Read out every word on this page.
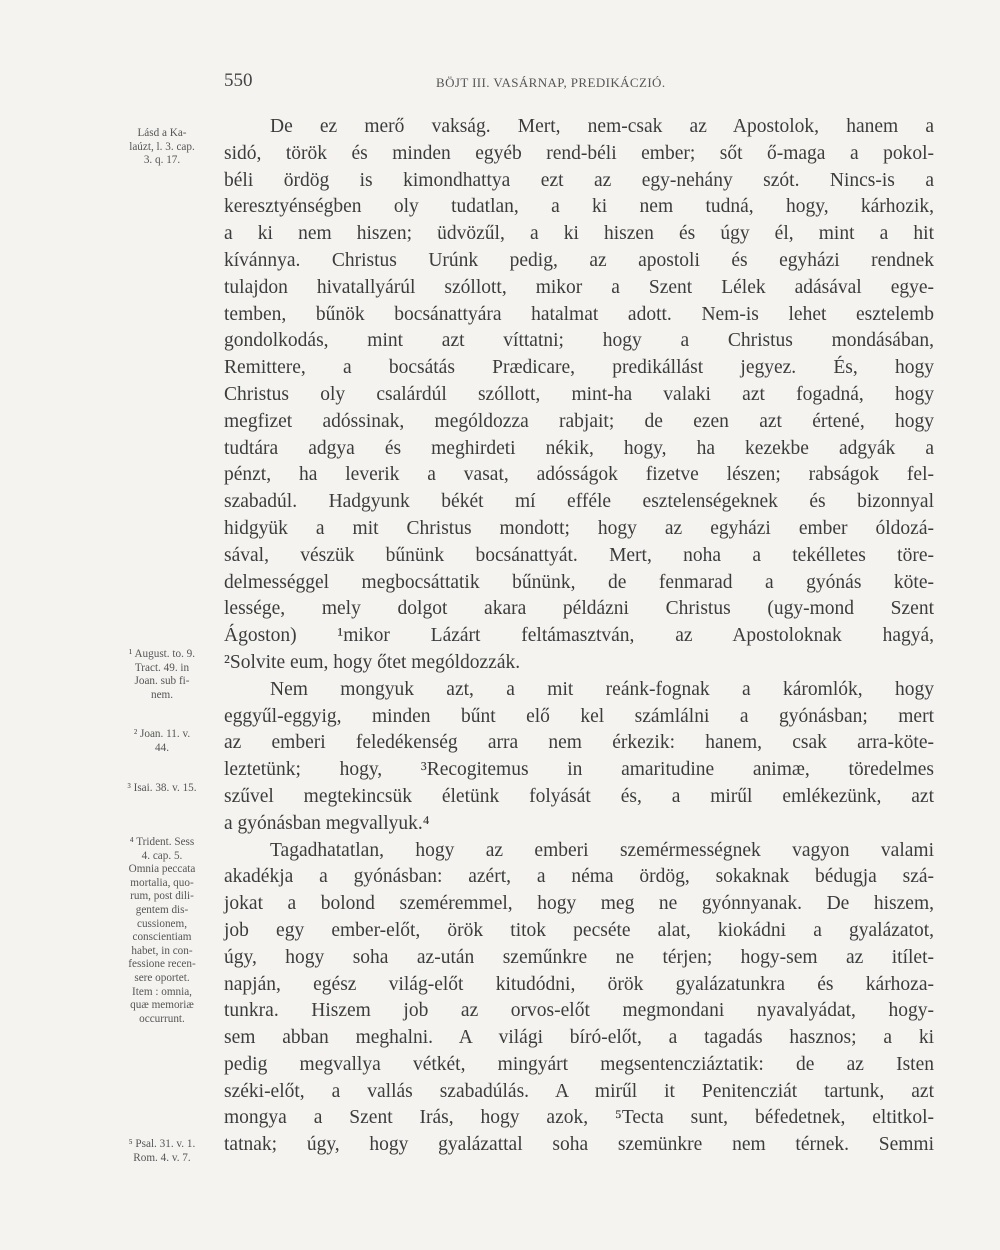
550	BÖJT III. VASÁRNAP, PREDIKÁCZIÓ.
De ez merő vakság. Mert, nem-csak az Apostolok, hanem a
sidó, török és minden egyéb rend-béli ember; sőt ő-maga a pokol-
béli ördög is kimondhattya ezt az egy-nehány szót. Nincs-is a
keresztyénségben oly tudatlan, a ki nem tudná, hogy, kárhozik,
a ki nem hiszen; üdvözűl, a ki hiszen és úgy él, mint a hit
kívánnya. Christus Urúnk pedig, az apostoli és egyházi rendnek
tulajdon hivatallyárúl szóllott, mikor a Szent Lélek adásával egye-
temben, bűnök bocsánattyára hatalmat adott. Nem-is lehet esztelemb
gondolkodás, mint azt víttatni; hogy a Christus mondásában,
Remittere, a bocsátás Prædicare, predikállást jegyez. És, hogy
Christus oly csalárdúl szóllott, mint-ha valaki azt fogadná, hogy
megfizet adóssinak, mególdozza rabjait; de ezen azt értené, hogy
tudtára adgya és meghirdeti nékik, hogy, ha kezekbe adgyák a
pénzt, ha leverik a vasat, adósságok fizetve lészen; rabságok fel-
szabadúl. Hadgyunk békét mí efféle esztelenségeknek és bizonnyal
hidgyük a mit Christus mondott; hogy az egyházi ember óldozá-
sával, vészük bűnünk bocsánattyát. Mert, noha a tekélletes töre-
delmességgel megbocsáttatik bűnünk, de fenmarad a gyónás köte-
lessége, mely dolgot akara példázni Christus (ugy-mond Szent
Ágoston) ¹mikor Lázárt feltámasztván, az Apostoloknak hagyá,
²Solvite eum, hogy őtet mególdozzák.
Nem mongyuk azt, a mit reánk-fognak a káromlók, hogy
eggyűl-eggyig, minden bűnt elő kel számlálni a gyónásban; mert
az emberi feledékenség arra nem érkezik: hanem, csak arra-köte-
leztetünk; hogy, ³Recogitemus in amaritudine animæ, töredelmes
szűvel megtekincsük életünk folyását és, a mirűl emlékezünk, azt
a gyónásban megvallyuk.⁴
Tagadhatatlan, hogy az emberi szemérmességnek vagyon valami
akadékja a gyónásban: azért, a néma ördög, sokaknak bédugja szá-
jokat a bolond szeméremmel, hogy meg ne gyónnyanak. De hiszem,
job egy ember-előt, örök titok pecséte alat, kiokádni a gyalázatot,
úgy, hogy soha az-után szeműnkre ne térjen; hogy-sem az itílet-
napján, egész világ-előt kitudódni, örök gyalázatunkra és kárhoza-
tunkra. Hiszem job az orvos-előt megmondani nyavalyádat, hogy-
sem abban meghalni. A világi bíró-előt, a tagadás hasznos; a ki
pedig megvallya vétkét, mingyárt megsentencziáztatik: de az Isten
széki-előt, a vallás szabadúlás. A mirűl it Penitencziát tartunk, azt
mongya a Szent Irás, hogy azok, ⁵Tecta sunt, béfedetnek, eltitkol-
tatnak; úgy, hogy gyalázattal soha szemünkre nem térnek. Semmi
Lásd a Ka-
laúzt, l. 3. cap.
3. q. 17.
¹ August. to. 9.
Tract. 49. in
Joan. sub fi-
nem.
² Joan. 11. v.
44.
³ Isai. 38. v. 15.
⁴ Trident. Sess
4. cap. 5.
Omnia peccata
mortalia, quo-
rum, post dili-
gentem dis-
cussionem,
conscientiam
habet, in con-
fessione recen-
sere oportet.
Item : omnia,
quæ memoriæ
occurrunt.
⁵ Psal. 31. v. 1.
Rom. 4. v. 7.
